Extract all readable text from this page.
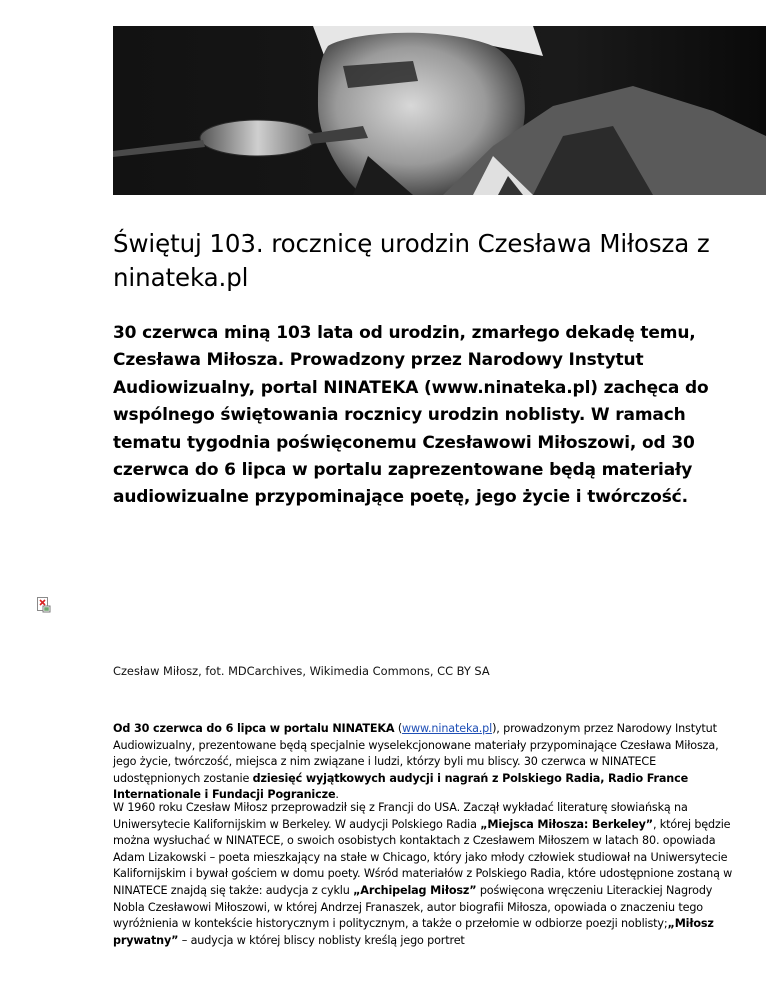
Świętuj 103. rocznicę urodzin Czesława Miłosza z ninateka.pl

30 czerwca miną 103 lata od urodzin, zmarłego dekadę temu, Czesława Miłosza. Prowadzony przez Narodowy Instytut Audiowizualny, portal NINATEKA (www.ninateka.pl) zachęca do wspólnego świętowania rocznicy urodzin noblisty. W ramach tematu tygodnia poświęconemu Czesławowi Miłoszowi, od 30 czerwca do 6 lipca w portalu zaprezentowane będą materiały audiowizualne przypominające poetę, jego życie i twórczość.

Czesław Miłosz, fot. MDCarchives, Wikimedia Commons, CC BY SA

Od 30 czerwca do 6 lipca w portalu NINATEKA (www.ninateka.pl), prowadzonym przez Narodowy Instytut Audiowizualny, prezentowane będą specjalnie wyselekcjonowane materiały przypominające Czesława Miłosza, jego życie, twórczość, miejsca z nim związane i ludzi, którzy byli mu bliscy. 30 czerwca w NINATECE udostępnionych zostanie dziesięć wyjątkowych audycji i nagrań z Polskiego Radia, Radio France Internationale i Fundacji Pogranicze.

W 1960 roku Czesław Miłosz przeprowadził się z Francji do USA. Zaczął wykładać literaturę słowiańską na Uniwersytecie Kalifornijskim w Berkeley. W audycji Polskiego Radia „Miejsca Miłosza: Berkeley”, której będzie można wysłuchać w NINATECE, o swoich osobistych kontaktach z Czesławem Miłoszem w latach 80. opowiada Adam Lizakowski – poeta mieszkający na stałe w Chicago, który jako młody człowiek studiował na Uniwersytecie Kalifornijskim i bywał gościem w domu poety. Wśród materiałów z Polskiego Radia, które udostępnione zostaną w NINATECE znajdą się także: audycja z cyklu „Archipelag Miłosz” poświęcona wręczeniu Literackiej Nagrody Nobla Czesławowi Miłoszowi, w której Andrzej Franaszek, autor biografii Miłosza, opowiada o znaczeniu tego wyróżnienia w kontekście historycznym i politycznym, a także o przełomie w odbiorze poezji noblisty;„Miłosz prywatny” – audycja w której bliscy noblisty kreślą jego portret
